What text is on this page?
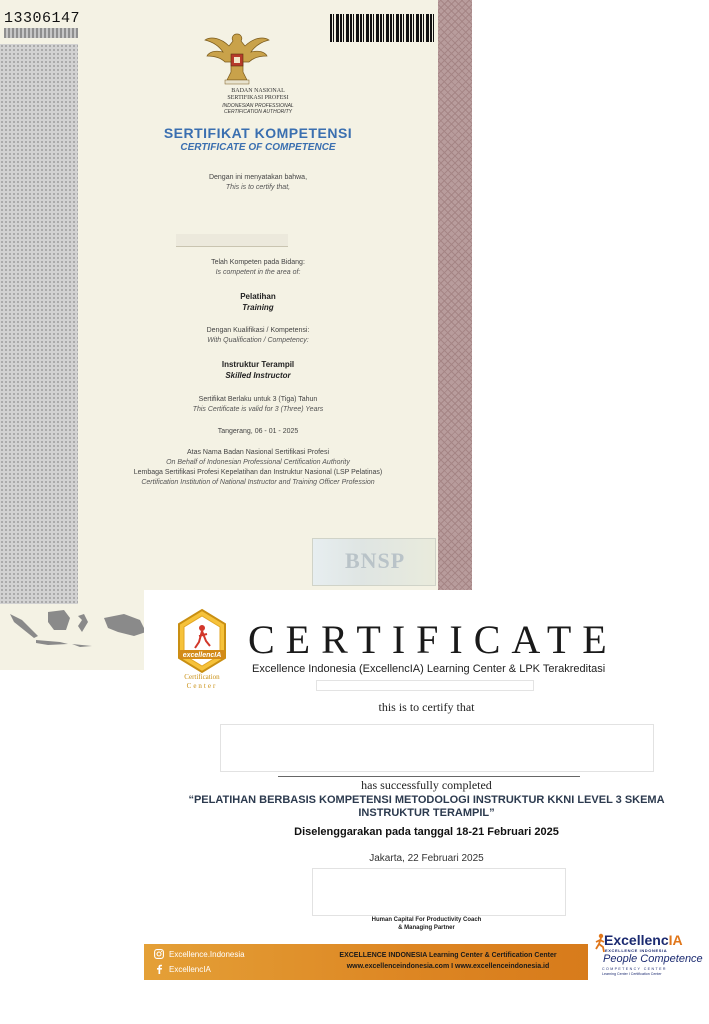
13306147
BADAN NASIONAL
SERTIFIKASI PROFESI
INDONESIAN PROFESSIONAL
CERTIFICATION AUTHORITY
SERTIFIKAT KOMPETENSI
CERTIFICATE OF COMPETENCE
Dengan ini menyatakan bahwa,
This is to certify that,
Telah Kompeten pada Bidang:
Is competent in the area of:
Pelatihan
Training
Dengan Kualifikasi / Kompetensi:
With Qualification / Competency:
Instruktur Terampil
Skilled Instructor
Sertifikat Berlaku untuk 3 (Tiga) Tahun
This Certificate is valid for 3 (Three) Years
Tangerang, 06 - 01 - 2025
Atas Nama Badan Nasional Sertifikasi Profesi
On Behalf of Indonesian Professional Certification Authority
Lembaga Sertifikasi Profesi Kepelatihan dan Instruktur Nasional (LSP Pelatinas)
Certification Institution of National Instructor and Training Officer Profession
BNSP
excellencIA
Certification
Center
CERTIFICATE
Excellence Indonesia (ExcellencIA) Learning Center & LPK Terakreditasi
this is to certify that
has successfully completed
“PELATIHAN BERBASIS KOMPETENSI METODOLOGI INSTRUKTUR KKNI LEVEL 3 SKEMA
INSTRUKTUR TERAMPIL”
Diselenggarakan pada tanggal 18-21 Februari 2025
Jakarta, 22 Februari 2025
Human Capital For Productivity Coach
& Managing Partner
Excellence.Indonesia
ExcellencIA
EXCELLENCE INDONESIA Learning Center & Certification Center
www.excellenceindonesia.com I www.excellenceindonesia.id
ExcellencIA
EXCELLENCE INDONESIA
People Competence
COMPETENCY CENTER
Learning Center I Certification Center
